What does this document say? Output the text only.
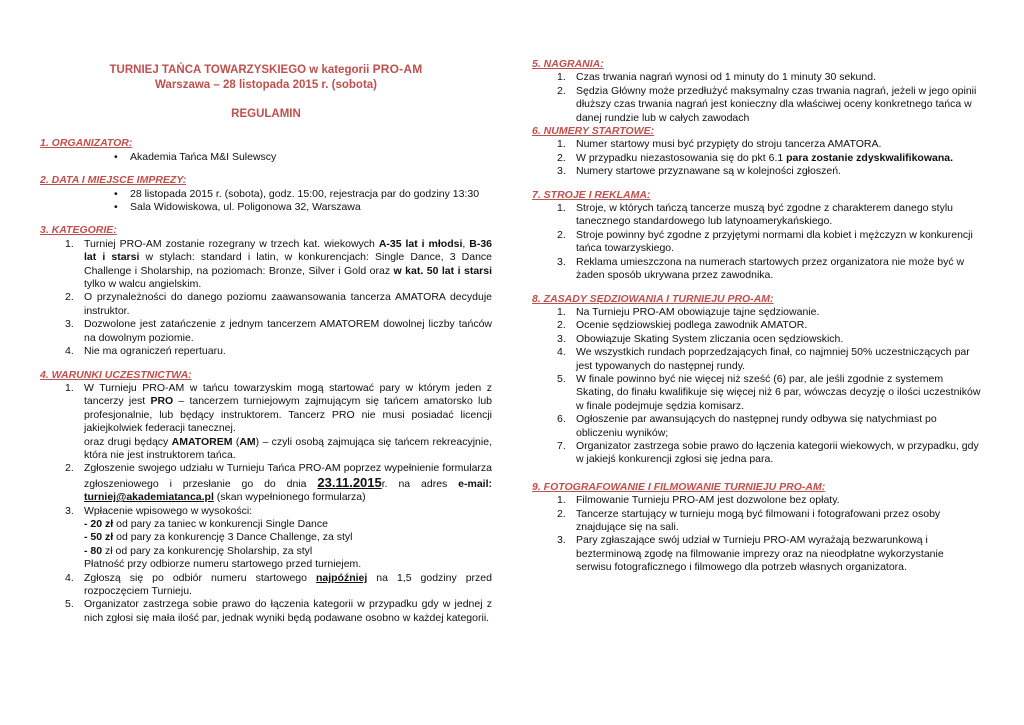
TURNIEJ TAŃCA TOWARZYSKIEGO w kategorii PRO-AM
Warszawa – 28 listopada 2015 r. (sobota)
REGULAMIN
1. ORGANIZATOR:
• Akademia Tańca M&I Sulewscy
2. DATA I MIEJSCE IMPREZY:
• 28 listopada 2015 r. (sobota), godz. 15:00, rejestracja par do godziny 13:30
• Sala Widowiskowa, ul. Poligonowa 32, Warszawa
3. KATEGORIE:
1. Turniej PRO-AM zostanie rozegrany w trzech kat. wiekowych A-35 lat i młodsi, B-36 lat i starsi w stylach: standard i latin, w konkurencjach: Single Dance, 3 Dance Challenge i Sholarship, na poziomach: Bronze, Silver i Gold oraz w kat. 50 lat i starsi tylko w walcu angielskim.
2. O przynależności do danego poziomu zaawansowania tancerza AMATORA decyduje instruktor.
3. Dozwolone jest zatańczenie z jednym tancerzem AMATOREM dowolnej liczby tańców na dowolnym poziomie.
4. Nie ma ograniczeń repertuaru.
4. WARUNKI UCZESTNICTWA:
1. W Turnieju PRO-AM w tańcu towarzyskim mogą startować pary w którym jeden z tancerzy jest PRO – tancerzem turniejowym zajmującym się tańcem amatorsko lub profesjonalnie, lub będący instruktorem. Tancerz PRO nie musi posiadać licencji jakiejkolwiek federacji tanecznej.
oraz drugi będący AMATOREM (AM) – czyli osobą zajmująca się tańcem rekreacyjnie, która nie jest instruktorem tańca.
2. Zgłoszenie swojego udziału w Turnieju Tańca PRO-AM poprzez wypełnienie formularza zgłoszeniowego i przesłanie go do dnia 23.11.2015r. na adres e-mail: turniej@akademiatanca.pl (skan wypełnionego formularza)
3. Wpłacenie wpisowego w wysokości:
- 20 zł od pary za taniec w konkurencji Single Dance
- 50 zł od pary za konkurencję 3 Dance Challenge, za styl
- 80 zł od pary za konkurencję Sholarship, za styl
Płatność przy odbiorze numeru startowego przed turniejem.
4. Zgłoszą się po odbiór numeru startowego najpóźniej na 1,5 godziny przed rozpoczęciem Turnieju.
5. Organizator zastrzega sobie prawo do łączenia kategorii w przypadku gdy w jednej z nich zgłosi się mała ilość par, jednak wyniki będą podawane osobno w każdej kategorii.
5. NAGRANIA:
1. Czas trwania nagrań wynosi od 1 minuty do 1 minuty 30 sekund.
2. Sędzia Główny może przedłużyć maksymalny czas trwania nagrań, jeżeli w jego opinii dłuższy czas trwania nagrań jest konieczny dla właściwej oceny konkretnego tańca w danej rundzie lub w całych zawodach
6. NUMERY STARTOWE:
1. Numer startowy musi być przypięty do stroju tancerza AMATORA.
2. W przypadku niezastosowania się do pkt 6.1 para zostanie zdyskwalifikowana.
3. Numery startowe przyznawane są w kolejności zgłoszeń.
7. STROJE I REKLAMA:
1. Stroje, w których tańczą tancerze muszą być zgodne z charakterem danego stylu tanecznego standardowego lub latynoamerykańskiego.
2. Stroje powinny być zgodne z przyjętymi normami dla kobiet i mężczyzn w konkurencji tańca towarzyskiego.
3. Reklama umieszczona na numerach startowych przez organizatora nie może być w żaden sposób ukrywana przez zawodnika.
8. ZASADY SĘDZIOWANIA I TURNIEJU PRO-AM:
1. Na Turnieju PRO-AM obowiązuje tajne sędziowanie.
2. Ocenie sędziowskiej podlega zawodnik AMATOR.
3. Obowiązuje Skating System zliczania ocen sędziowskich.
4. We wszystkich rundach poprzedzających finał, co najmniej 50% uczestniczących par jest typowanych do następnej rundy.
5. W finale powinno być nie więcej niż sześć (6) par, ale jeśli zgodnie z systemem Skating, do finału kwalifikuje się więcej niż 6 par, wówczas decyzję o ilości uczestników w finale podejmuje sędzia komisarz.
6. Ogłoszenie par awansujących do następnej rundy odbywa się natychmiast po obliczeniu wyników;
7. Organizator zastrzega sobie prawo do łączenia kategorii wiekowych, w przypadku, gdy w jakiejś konkurencji zgłosi się jedna para.
9. FOTOGRAFOWANIE I FILMOWANIE TURNIEJU PRO-AM:
1. Filmowanie Turnieju PRO-AM jest dozwolone bez opłaty.
2. Tancerze startujący w turnieju mogą być filmowani i fotografowani przez osoby znajdujące się na sali.
3. Pary zgłaszające swój udział w Turnieju PRO-AM wyrażają bezwarunkową i bezterminową zgodę na filmowanie imprezy oraz na nieodpłatne wykorzystanie serwisu fotograficznego i filmowego dla potrzeb własnych organizatora.
